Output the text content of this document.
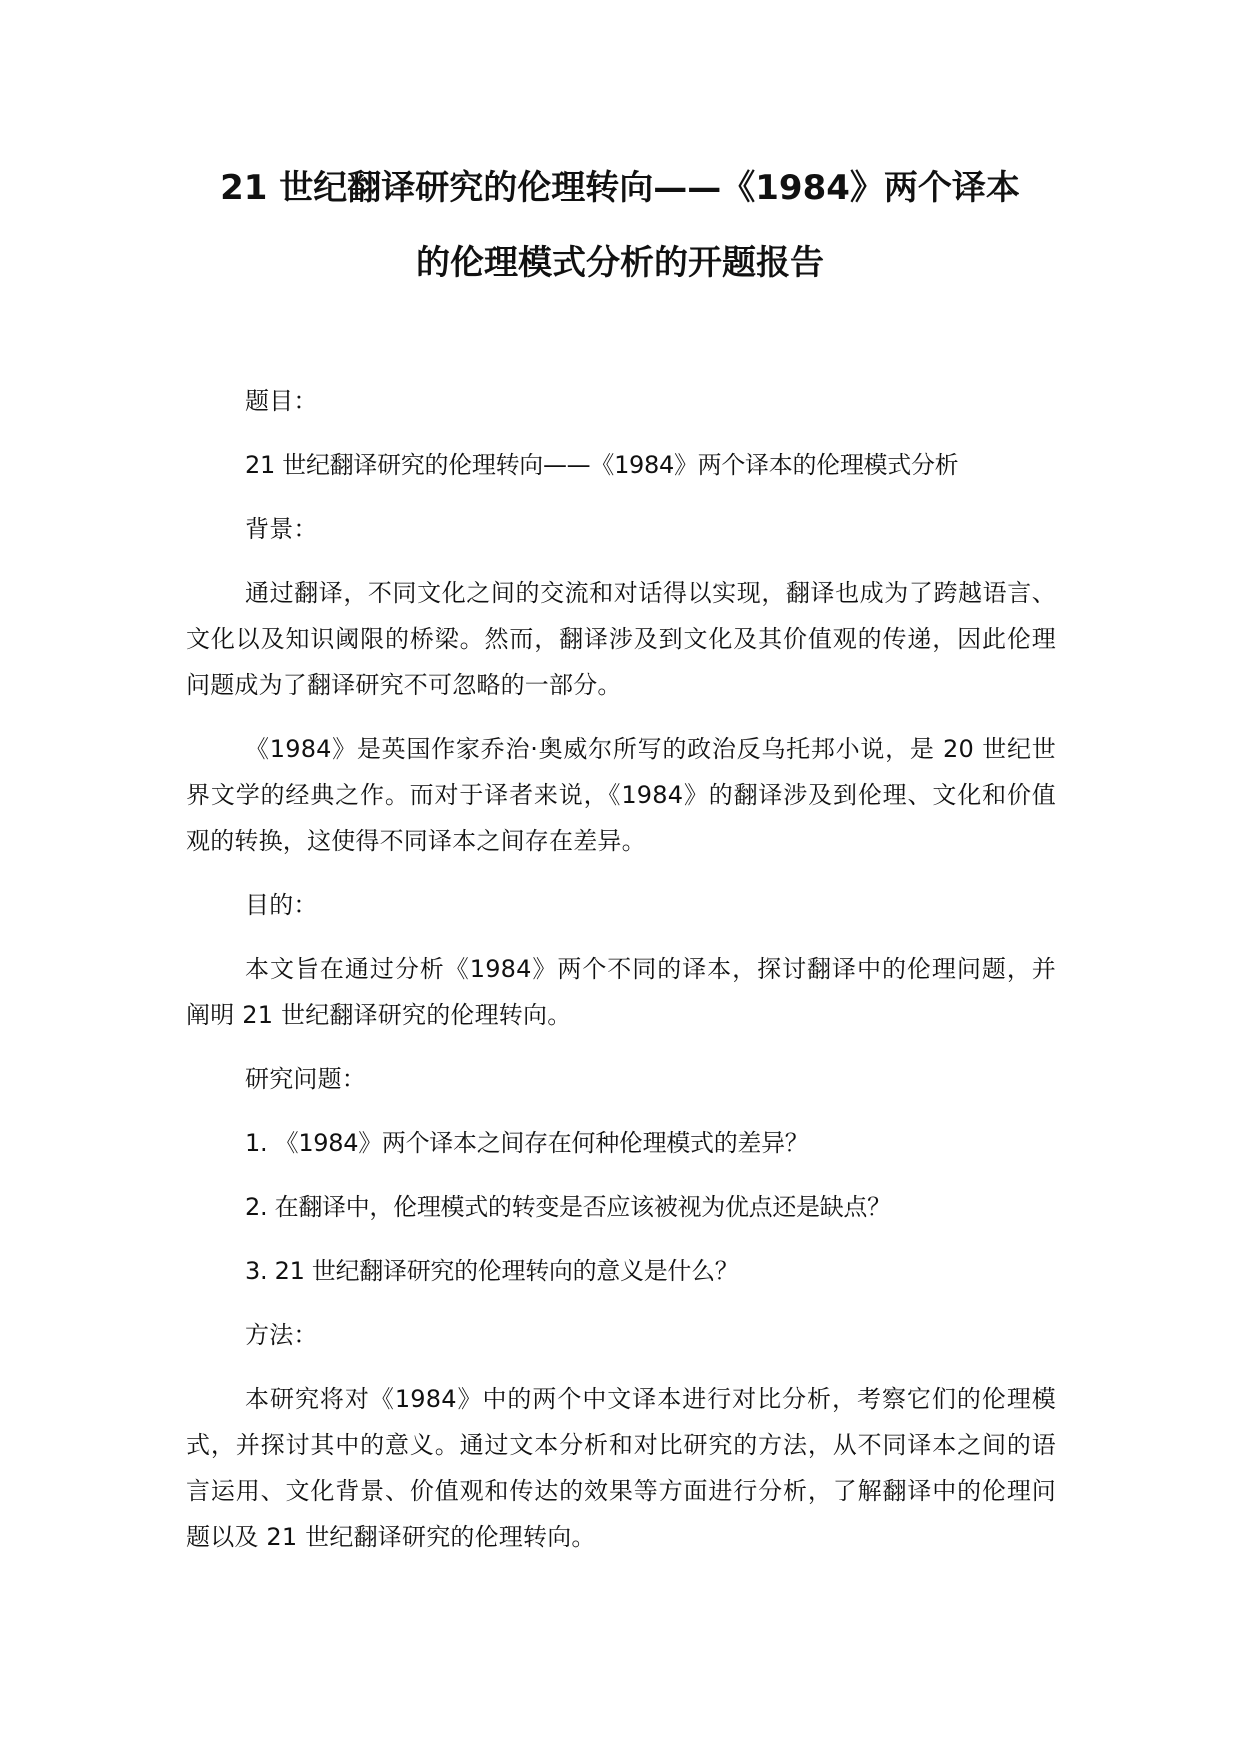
21 世纪翻译研究的伦理转向——《1984》两个译本

的伦理模式分析的开题报告

题目：

21 世纪翻译研究的伦理转向——《1984》两个译本的伦理模式分析

背景：

通过翻译，不同文化之间的交流和对话得以实现，翻译也成为了跨越语言、文化以及知识阈限的桥梁。然而，翻译涉及到文化及其价值观的传递，因此伦理问题成为了翻译研究不可忽略的一部分。

《1984》是英国作家乔治·奥威尔所写的政治反乌托邦小说，是 20 世纪世界文学的经典之作。而对于译者来说，《1984》的翻译涉及到伦理、文化和价值观的转换，这使得不同译本之间存在差异。

目的：

本文旨在通过分析《1984》两个不同的译本，探讨翻译中的伦理问题，并阐明 21 世纪翻译研究的伦理转向。

研究问题：

1. 《1984》两个译本之间存在何种伦理模式的差异？

2. 在翻译中，伦理模式的转变是否应该被视为优点还是缺点？

3. 21 世纪翻译研究的伦理转向的意义是什么？

方法：

本研究将对《1984》中的两个中文译本进行对比分析，考察它们的伦理模式，并探讨其中的意义。通过文本分析和对比研究的方法，从不同译本之间的语言运用、文化背景、价值观和传达的效果等方面进行分析，了解翻译中的伦理问题以及 21 世纪翻译研究的伦理转向。
